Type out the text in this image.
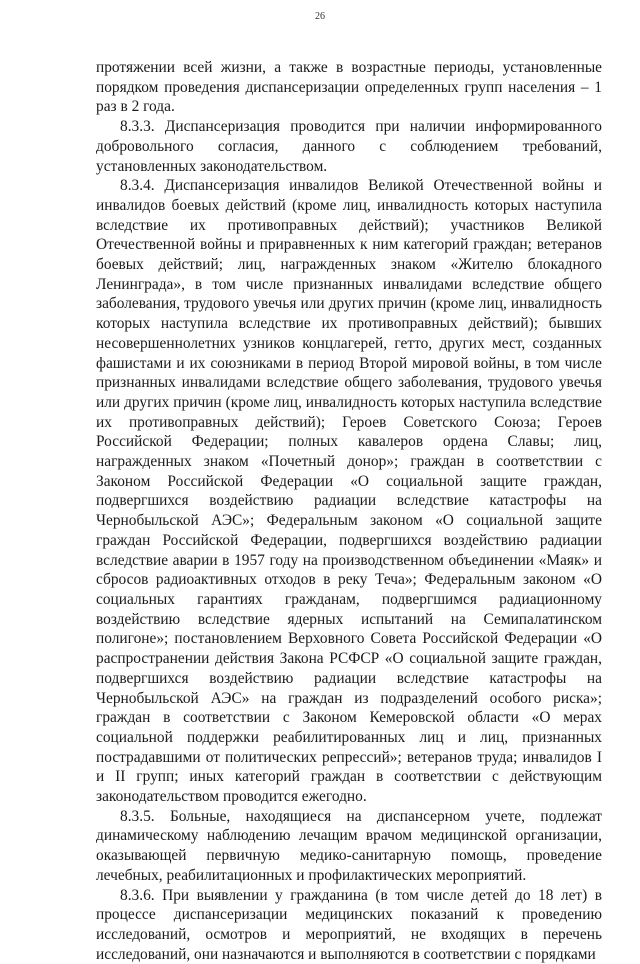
26

протяжении всей жизни, а также в возрастные периоды, установленные порядком проведения диспансеризации определенных групп населения – 1 раз в 2 года.

8.3.3. Диспансеризация проводится при наличии информированного добровольного согласия, данного с соблюдением требований, установленных законодательством.

8.3.4. Диспансеризация инвалидов Великой Отечественной войны и инвалидов боевых действий (кроме лиц, инвалидность которых наступила вследствие их противоправных действий); участников Великой Отечественной войны и приравненных к ним категорий граждан; ветеранов боевых действий; лиц, награжденных знаком «Жителю блокадного Ленинграда», в том числе признанных инвалидами вследствие общего заболевания, трудового увечья или других причин (кроме лиц, инвалидность которых наступила вследствие их противоправных действий); бывших несовершеннолетних узников концлагерей, гетто, других мест, созданных фашистами и их союзниками в период Второй мировой войны, в том числе признанных инвалидами вследствие общего заболевания, трудового увечья или других причин (кроме лиц, инвалидность которых наступила вследствие их противоправных действий); Героев Советского Союза; Героев Российской Федерации; полных кавалеров ордена Славы; лиц, награжденных знаком «Почетный донор»; граждан в соответствии с Законом Российской Федерации «О социальной защите граждан, подвергшихся воздействию радиации вследствие катастрофы на Чернобыльской АЭС»; Федеральным законом «О социальной защите граждан Российской Федерации, подвергшихся воздействию радиации вследствие аварии в 1957 году на производственном объединении «Маяк» и сбросов радиоактивных отходов в реку Теча»; Федеральным законом «О социальных гарантиях гражданам, подвергшимся радиационному воздействию вследствие ядерных испытаний на Семипалатинском полигоне»; постановлением Верховного Совета Российской Федерации «О распространении действия Закона РСФСР «О социальной защите граждан, подвергшихся воздействию радиации вследствие катастрофы на Чернобыльской АЭС» на граждан из подразделений особого риска»; граждан в соответствии с Законом Кемеровской области «О мерах социальной поддержки реабилитированных лиц и лиц, признанных пострадавшими от политических репрессий»; ветеранов труда; инвалидов I и II групп; иных категорий граждан в соответствии с действующим законодательством проводится ежегодно.

8.3.5. Больные, находящиеся на диспансерном учете, подлежат динамическому наблюдению лечащим врачом медицинской организации, оказывающей первичную медико-санитарную помощь, проведение лечебных, реабилитационных и профилактических мероприятий.

8.3.6. При выявлении у гражданина (в том числе детей до 18 лет) в процессе диспансеризации медицинских показаний к проведению исследований, осмотров и мероприятий, не входящих в перечень исследований, они назначаются и выполняются в соответствии с порядками
